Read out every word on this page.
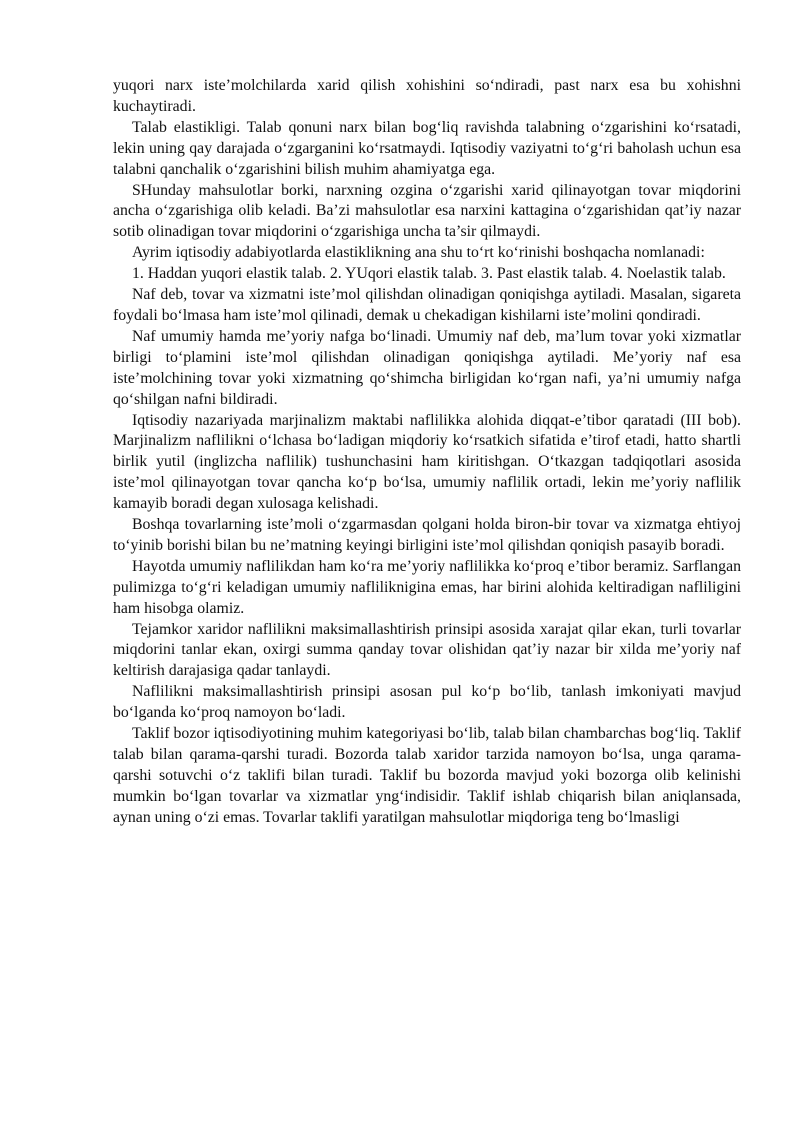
yuqori narx iste’molchilarda xarid qilish xohishini so‘ndiradi, past narx esa bu xohishni kuchaytiradi.

Talab elastikligi. Talab qonuni narx bilan bog‘liq ravishda talabning o‘zgarishini ko‘rsatadi, lekin uning qay darajada o‘zgarganini ko‘rsatmaydi. Iqtisodiy vaziyatni to‘g‘ri baholash uchun esa talabni qanchalik o‘zgarishini bilish muhim ahamiyatga ega.

SHunday mahsulotlar borki, narxning ozgina o‘zgarishi xarid qilinayotgan tovar miqdorini ancha o‘zgarishiga olib keladi. Ba’zi mahsulotlar esa narxini kattagina o‘zgarishidan qat’iy nazar sotib olinadigan tovar miqdorini o‘zgarishiga uncha ta’sir qilmaydi.

Ayrim iqtisodiy adabiyotlarda elastiklikning ana shu to‘rt ko‘rinishi boshqacha nomlanadi:

1. Haddan yuqori elastik talab. 2. YUqori elastik talab. 3. Past elastik talab. 4. Noelastik talab.

Naf deb, tovar va xizmatni iste’mol qilishdan olinadigan qoniqishga aytiladi. Masalan, sigareta foydali bo‘lmasa ham iste’mol qilinadi, demak u chekadigan kishilarni iste’molini qondiradi.

Naf umumiy hamda me’yoriy nafga bo‘linadi. Umumiy naf deb, ma’lum tovar yoki xizmatlar birligi to‘plamini iste’mol qilishdan olinadigan qoniqishga aytiladi. Me’yoriy naf esa iste’molchining tovar yoki xizmatning qo‘shimcha birligidan ko‘rgan nafi, ya’ni umumiy nafga qo‘shilgan nafni bildiradi.

Iqtisodiy nazariyada marjinalizm maktabi naflilikka alohida diqqat-e’tibor qaratadi (III bob). Marjinalizm naflilikni o‘lchasa bo‘ladigan miqdoriy ko‘rsatkich sifatida e’tirof etadi, hatto shartli birlik yutil (inglizcha naflilik) tushunchasini ham kiritishgan. O‘tkazgan tadqiqotlari asosida iste’mol qilinayotgan tovar qancha ko‘p bo‘lsa, umumiy naflilik ortadi, lekin me’yoriy naflilik kamayib boradi degan xulosaga kelishadi.

Boshqa tovarlarning iste’moli o‘zgarmasdan qolgani holda biron-bir tovar va xizmatga ehtiyoj to‘yinib borishi bilan bu ne’matning keyingi birligini iste’mol qilishdan qoniqish pasayib boradi.

Hayotda umumiy naflilikdan ham ko‘ra me’yoriy naflilikka ko‘proq e’tibor beramiz. Sarflangan pulimizga to‘g‘ri keladigan umumiy naflilikniginа emas, har birini alohida keltiradigan nafliligini ham hisobga olamiz.

Tejamkor xaridor naflilikni maksimallashtirish prinsipi asosida xarajat qilar ekan, turli tovarlar miqdorini tanlar ekan, oxirgi summa qanday tovar olishidan qat’iy nazar bir xilda me’yoriy naf keltirish darajasiga qadar tanlaydi.

Naflilikni maksimallashtirish prinsipi asosan pul ko‘p bo‘lib, tanlash imkoniyati mavjud bo‘lganda ko‘proq namoyon bo‘ladi.

Taklif bozor iqtisodiyotining muhim kategoriyasi bo‘lib, talab bilan chambarchas bog‘liq. Taklif talab bilan qarama-qarshi turadi. Bozorda talab xaridor tarzida namoyon bo‘lsa, unga qarama-qarshi sotuvchi o‘z taklifi bilan turadi. Taklif bu bozorda mavjud yoki bozorga olib kelinishi mumkin bo‘lgan tovarlar va xizmatlar yng‘indisidir. Taklif ishlab chiqarish bilan aniqlansada, aynan uning o‘zi emas. Tovarlar taklifi yaratilgan mahsulotlar miqdoriga teng bo‘lmasligi
